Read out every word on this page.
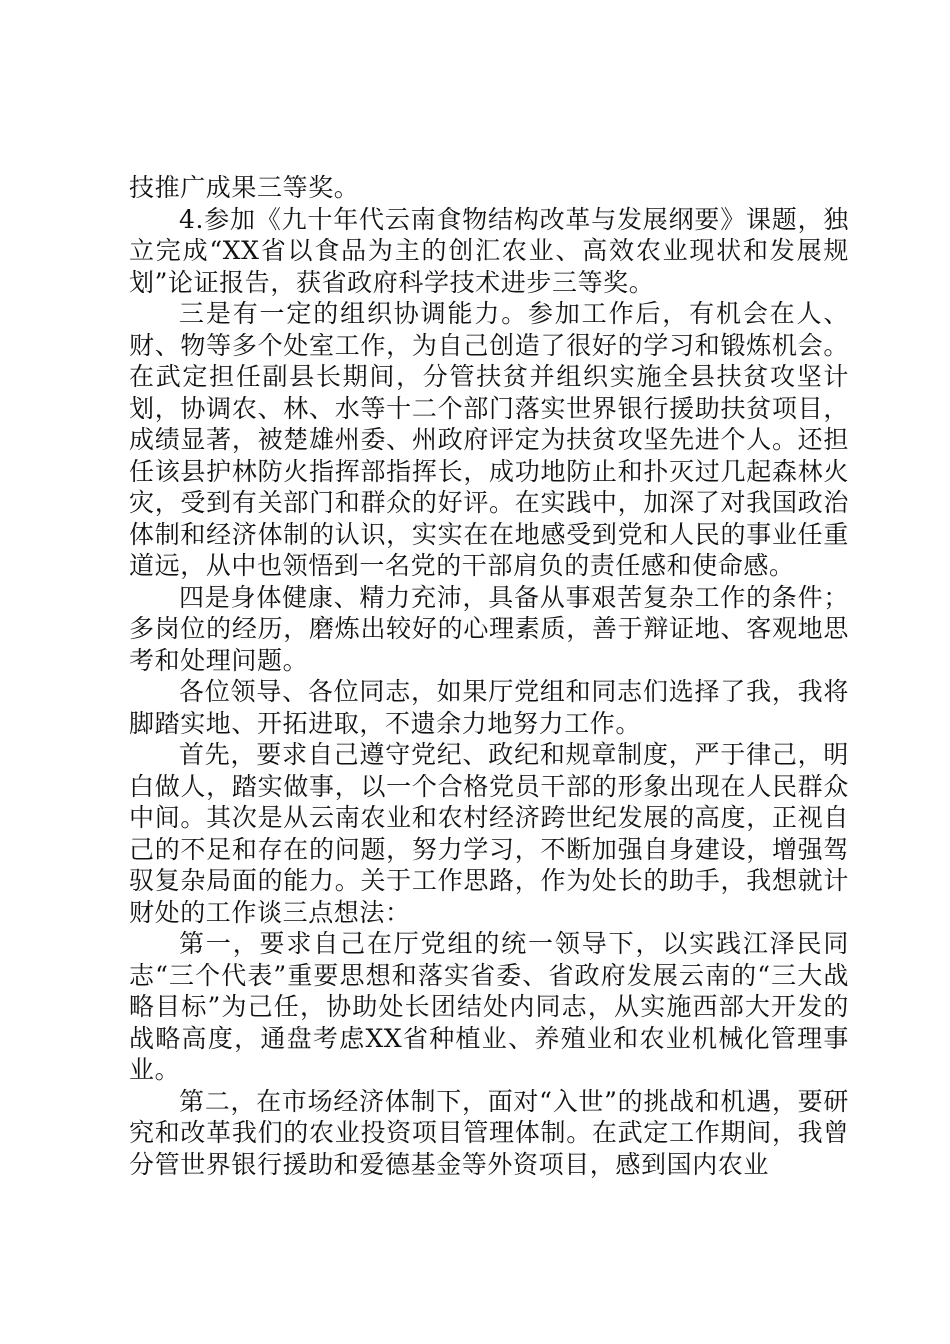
技推广成果三等奖。

4.参加《九十年代云南食物结构改革与发展纲要》课题，独立完成“XX省以食品为主的创汇农业、高效农业现状和发展规划”论证报告，获省政府科学技术进步三等奖。

三是有一定的组织协调能力。参加工作后，有机会在人、财、物等多个处室工作，为自己创造了很好的学习和锻炼机会。在武定担任副县长期间，分管扶贫并组织实施全县扶贫攻坚计划，协调农、林、水等十二个部门落实世界银行援助扶贫项目，成绩显著，被楚雄州委、州政府评定为扶贫攻坚先进个人。还担任该县护林防火指挥部指挥长，成功地防止和扑灭过几起森林火灾，受到有关部门和群众的好评。在实践中，加深了对我国政治体制和经济体制的认识，实实在在地感受到党和人民的事业任重道远，从中也领悟到一名党的干部肩负的责任感和使命感。

四是身体健康、精力充沛，具备从事艰苦复杂工作的条件；多岗位的经历，磨炼出较好的心理素质，善于辩证地、客观地思考和处理问题。

各位领导、各位同志，如果厅党组和同志们选择了我，我将脚踏实地、开拓进取，不遗余力地努力工作。

首先，要求自己遵守党纪、政纪和规章制度，严于律己，明白做人，踏实做事，以一个合格党员干部的形象出现在人民群众中间。其次是从云南农业和农村经济跨世纪发展的高度，正视自己的不足和存在的问题，努力学习，不断加强自身建设，增强驾驭复杂局面的能力。关于工作思路，作为处长的助手，我想就计财处的工作谈三点想法：

第一，要求自己在厅党组的统一领导下，以实践江泽民同志“三个代表”重要思想和落实省委、省政府发展云南的“三大战略目标”为己任，协助处长团结处内同志，从实施西部大开发的战略高度，通盘考虑XX省种植业、养殖业和农业机械化管理事业。

第二，在市场经济体制下，面对“入世”的挑战和机遇，要研究和改革我们的农业投资项目管理体制。在武定工作期间，我曾分管世界银行援助和爱德基金等外资项目，感到国内农业
